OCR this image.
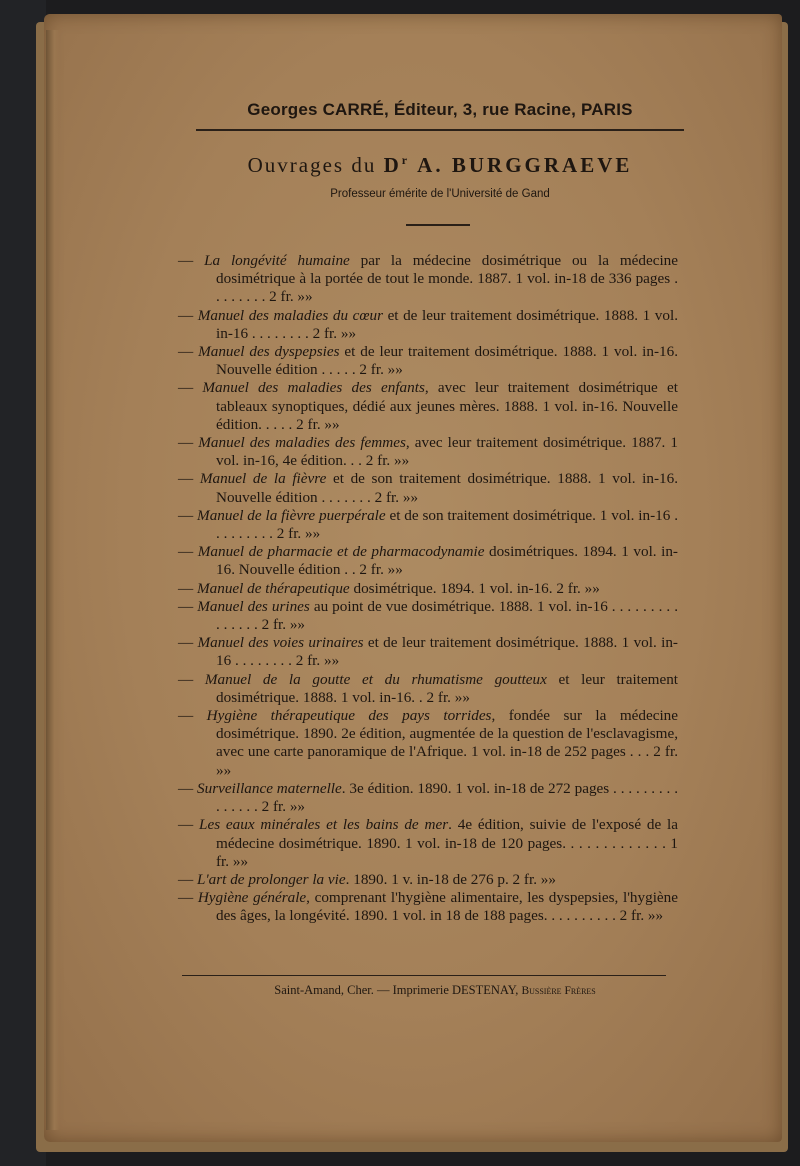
Georges CARRÉ, Éditeur, 3, rue Racine, PARIS
Ouvrages du $D^r$ A. BURGGRAEVE
Professeur émérite de l'Université de Gand

— La longévité humaine par la médecine dosimétrique ou la médecine dosimétrique à la portée de tout le monde. 1887. 1 vol. in-18 de 336 pages . . . . . . . . 2 fr. »»

— Manuel des maladies du cœur et de leur traitement dosimétrique. 1888. 1 vol. in-16 . . . . . . . . 2 fr. »»

— Manuel des dyspepsies et de leur traitement dosimétrique. 1888. 1 vol. in-16. Nouvelle édition . . . . . 2 fr. »»

— Manuel des maladies des enfants, avec leur traitement dosimétrique et tableaux synoptiques, dédié aux jeunes mères. 1888. 1 vol. in-16. Nouvelle édition. . . . . 2 fr. »»

— Manuel des maladies des femmes, avec leur traitement dosimétrique. 1887. 1 vol. in-16, 4e édition. . . 2 fr. »»

— Manuel de la fièvre et de son traitement dosimétrique. 1888. 1 vol. in-16. Nouvelle édition . . . . . . . 2 fr. »»

— Manuel de la fièvre puerpérale et de son traitement dosimétrique. 1 vol. in-16 . . . . . . . . . 2 fr. »»

— Manuel de pharmacie et de pharmacodynamie dosimétriques. 1894. 1 vol. in-16. Nouvelle édition . . 2 fr. »»

— Manuel de thérapeutique dosimétrique. 1894. 1 vol. in-16. 2 fr. »»

— Manuel des urines au point de vue dosimétrique. 1888. 1 vol. in-16 . . . . . . . . . . . . . . . 2 fr. »»

— Manuel des voies urinaires et de leur traitement dosimétrique. 1888. 1 vol. in-16 . . . . . . . . 2 fr. »»

— Manuel de la goutte et du rhumatisme goutteux et leur traitement dosimétrique. 1888. 1 vol. in-16. . 2 fr. »»

— Hygiène thérapeutique des pays torrides, fondée sur la médecine dosimétrique. 1890. 2e édition, augmentée de la question de l'esclavagisme, avec une carte panoramique de l'Afrique. 1 vol. in-18 de 252 pages . . . 2 fr. »»

— Surveillance maternelle. 3e édition. 1890. 1 vol. in-18 de 272 pages . . . . . . . . . . . . . . . 2 fr. »»

— Les eaux minérales et les bains de mer. 4e édition, suivie de l'exposé de la médecine dosimétrique. 1890. 1 vol. in-18 de 120 pages. . . . . . . . . . . . . 1 fr. »»

— L'art de prolonger la vie. 1890. 1 v. in-18 de 276 p. 2 fr. »»

— Hygiène générale, comprenant l'hygiène alimentaire, les dyspepsies, l'hygiène des âges, la longévité. 1890. 1 vol. in 18 de 188 pages. . . . . . . . . . 2 fr. »»

Saint-Amand, Cher. — Imprimerie DESTENAY, Bussière Frères
